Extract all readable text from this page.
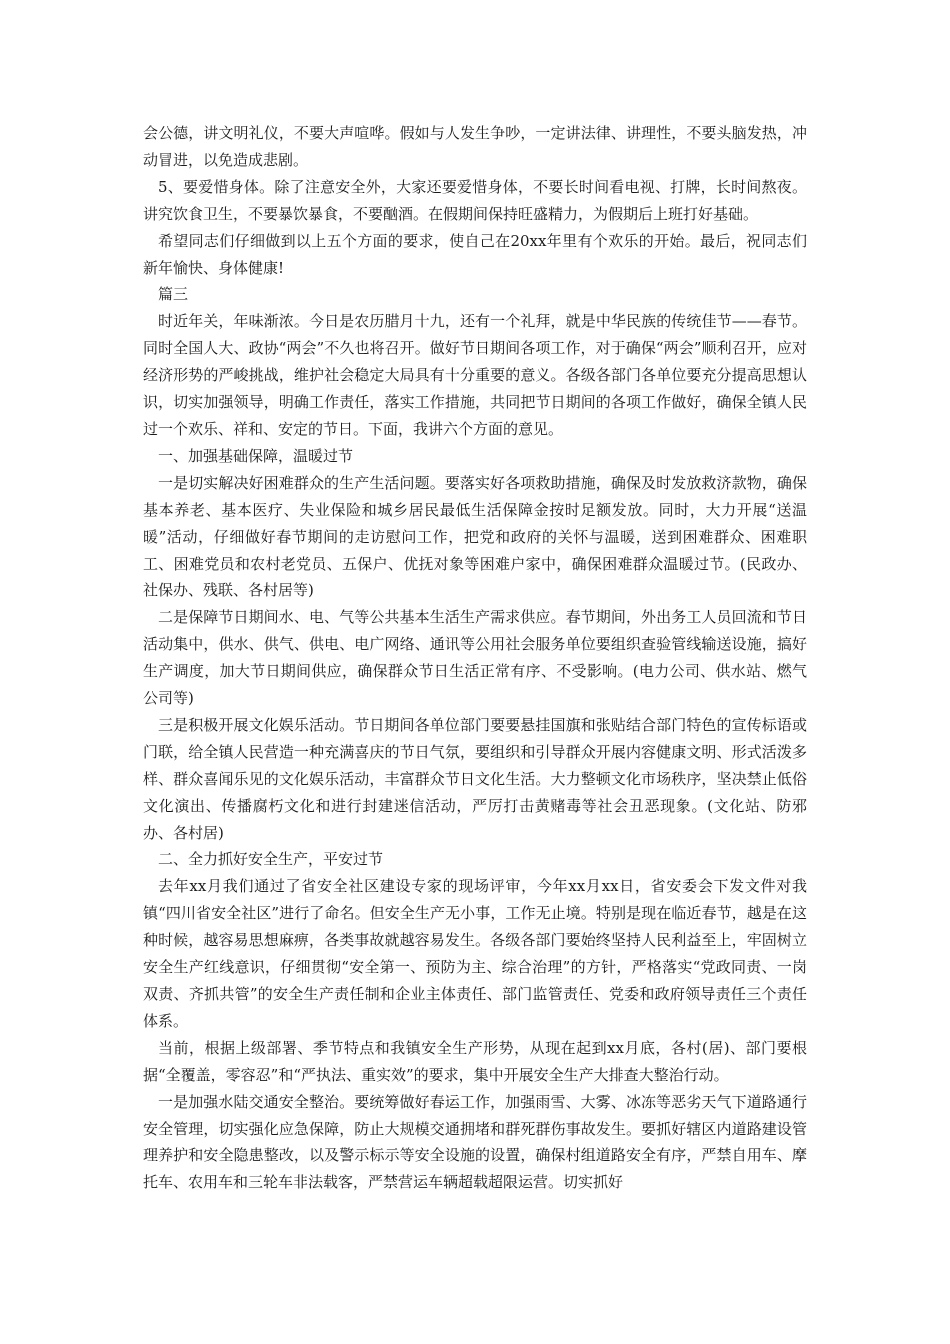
会公德，讲文明礼仪，不要大声喧哗。假如与人发生争吵，一定讲法律、讲理性，不要头脑发热，冲动冒进，以免造成悲剧。

5、要爱惜身体。除了注意安全外，大家还要爱惜身体，不要长时间看电视、打牌，长时间熬夜。讲究饮食卫生，不要暴饮暴食，不要酗酒。在假期间保持旺盛精力，为假期后上班打好基础。

希望同志们仔细做到以上五个方面的要求，使自己在20xx年里有个欢乐的开始。最后，祝同志们新年愉快、身体健康!

篇三

时近年关，年味渐浓。今日是农历腊月十九，还有一个礼拜，就是中华民族的传统佳节——春节。同时全国人大、政协“两会”不久也将召开。做好节日期间各项工作，对于确保“两会”顺利召开，应对经济形势的严峻挑战，维护社会稳定大局具有十分重要的意义。各级各部门各单位要充分提高思想认识，切实加强领导，明确工作责任，落实工作措施，共同把节日期间的各项工作做好，确保全镇人民过一个欢乐、祥和、安定的节日。下面，我讲六个方面的意见。

一、加强基础保障，温暖过节

一是切实解决好困难群众的生产生活问题。要落实好各项救助措施，确保及时发放救济款物，确保基本养老、基本医疗、失业保险和城乡居民最低生活保障金按时足额发放。同时，大力开展“送温暖”活动，仔细做好春节期间的走访慰问工作，把党和政府的关怀与温暖，送到困难群众、困难职工、困难党员和农村老党员、五保户、优抚对象等困难户家中，确保困难群众温暖过节。(民政办、社保办、残联、各村居等)

二是保障节日期间水、电、气等公共基本生活生产需求供应。春节期间，外出务工人员回流和节日活动集中，供水、供气、供电、电广网络、通讯等公用社会服务单位要组织查验管线输送设施，搞好生产调度，加大节日期间供应，确保群众节日生活正常有序、不受影响。(电力公司、供水站、燃气公司等)

三是积极开展文化娱乐活动。节日期间各单位部门要要悬挂国旗和张贴结合部门特色的宣传标语或门联，给全镇人民营造一种充满喜庆的节日气氛，要组织和引导群众开展内容健康文明、形式活泼多样、群众喜闻乐见的文化娱乐活动，丰富群众节日文化生活。大力整顿文化市场秩序，坚决禁止低俗文化演出、传播腐朽文化和进行封建迷信活动，严厉打击黄赌毒等社会丑恶现象。(文化站、防邪办、各村居)

二、全力抓好安全生产，平安过节

去年xx月我们通过了省安全社区建设专家的现场评审，今年xx月xx日，省安委会下发文件对我镇“四川省安全社区”进行了命名。但安全生产无小事，工作无止境。特别是现在临近春节，越是在这种时候，越容易思想麻痹，各类事故就越容易发生。各级各部门要始终坚持人民利益至上，牢固树立安全生产红线意识，仔细贯彻“安全第一、预防为主、综合治理”的方针，严格落实“党政同责、一岗双责、齐抓共管”的安全生产责任制和企业主体责任、部门监管责任、党委和政府领导责任三个责任体系。

当前，根据上级部署、季节特点和我镇安全生产形势，从现在起到xx月底，各村(居)、部门要根据“全覆盖，零容忍”和“严执法、重实效”的要求，集中开展安全生产大排查大整治行动。

一是加强水陆交通安全整治。要统筹做好春运工作，加强雨雪、大雾、冰冻等恶劣天气下道路通行安全管理，切实强化应急保障，防止大规模交通拥堵和群死群伤事故发生。要抓好辖区内道路建设管理养护和安全隐患整改，以及警示标示等安全设施的设置，确保村组道路安全有序，严禁自用车、摩托车、农用车和三轮车非法载客，严禁营运车辆超载超限运营。切实抓好
